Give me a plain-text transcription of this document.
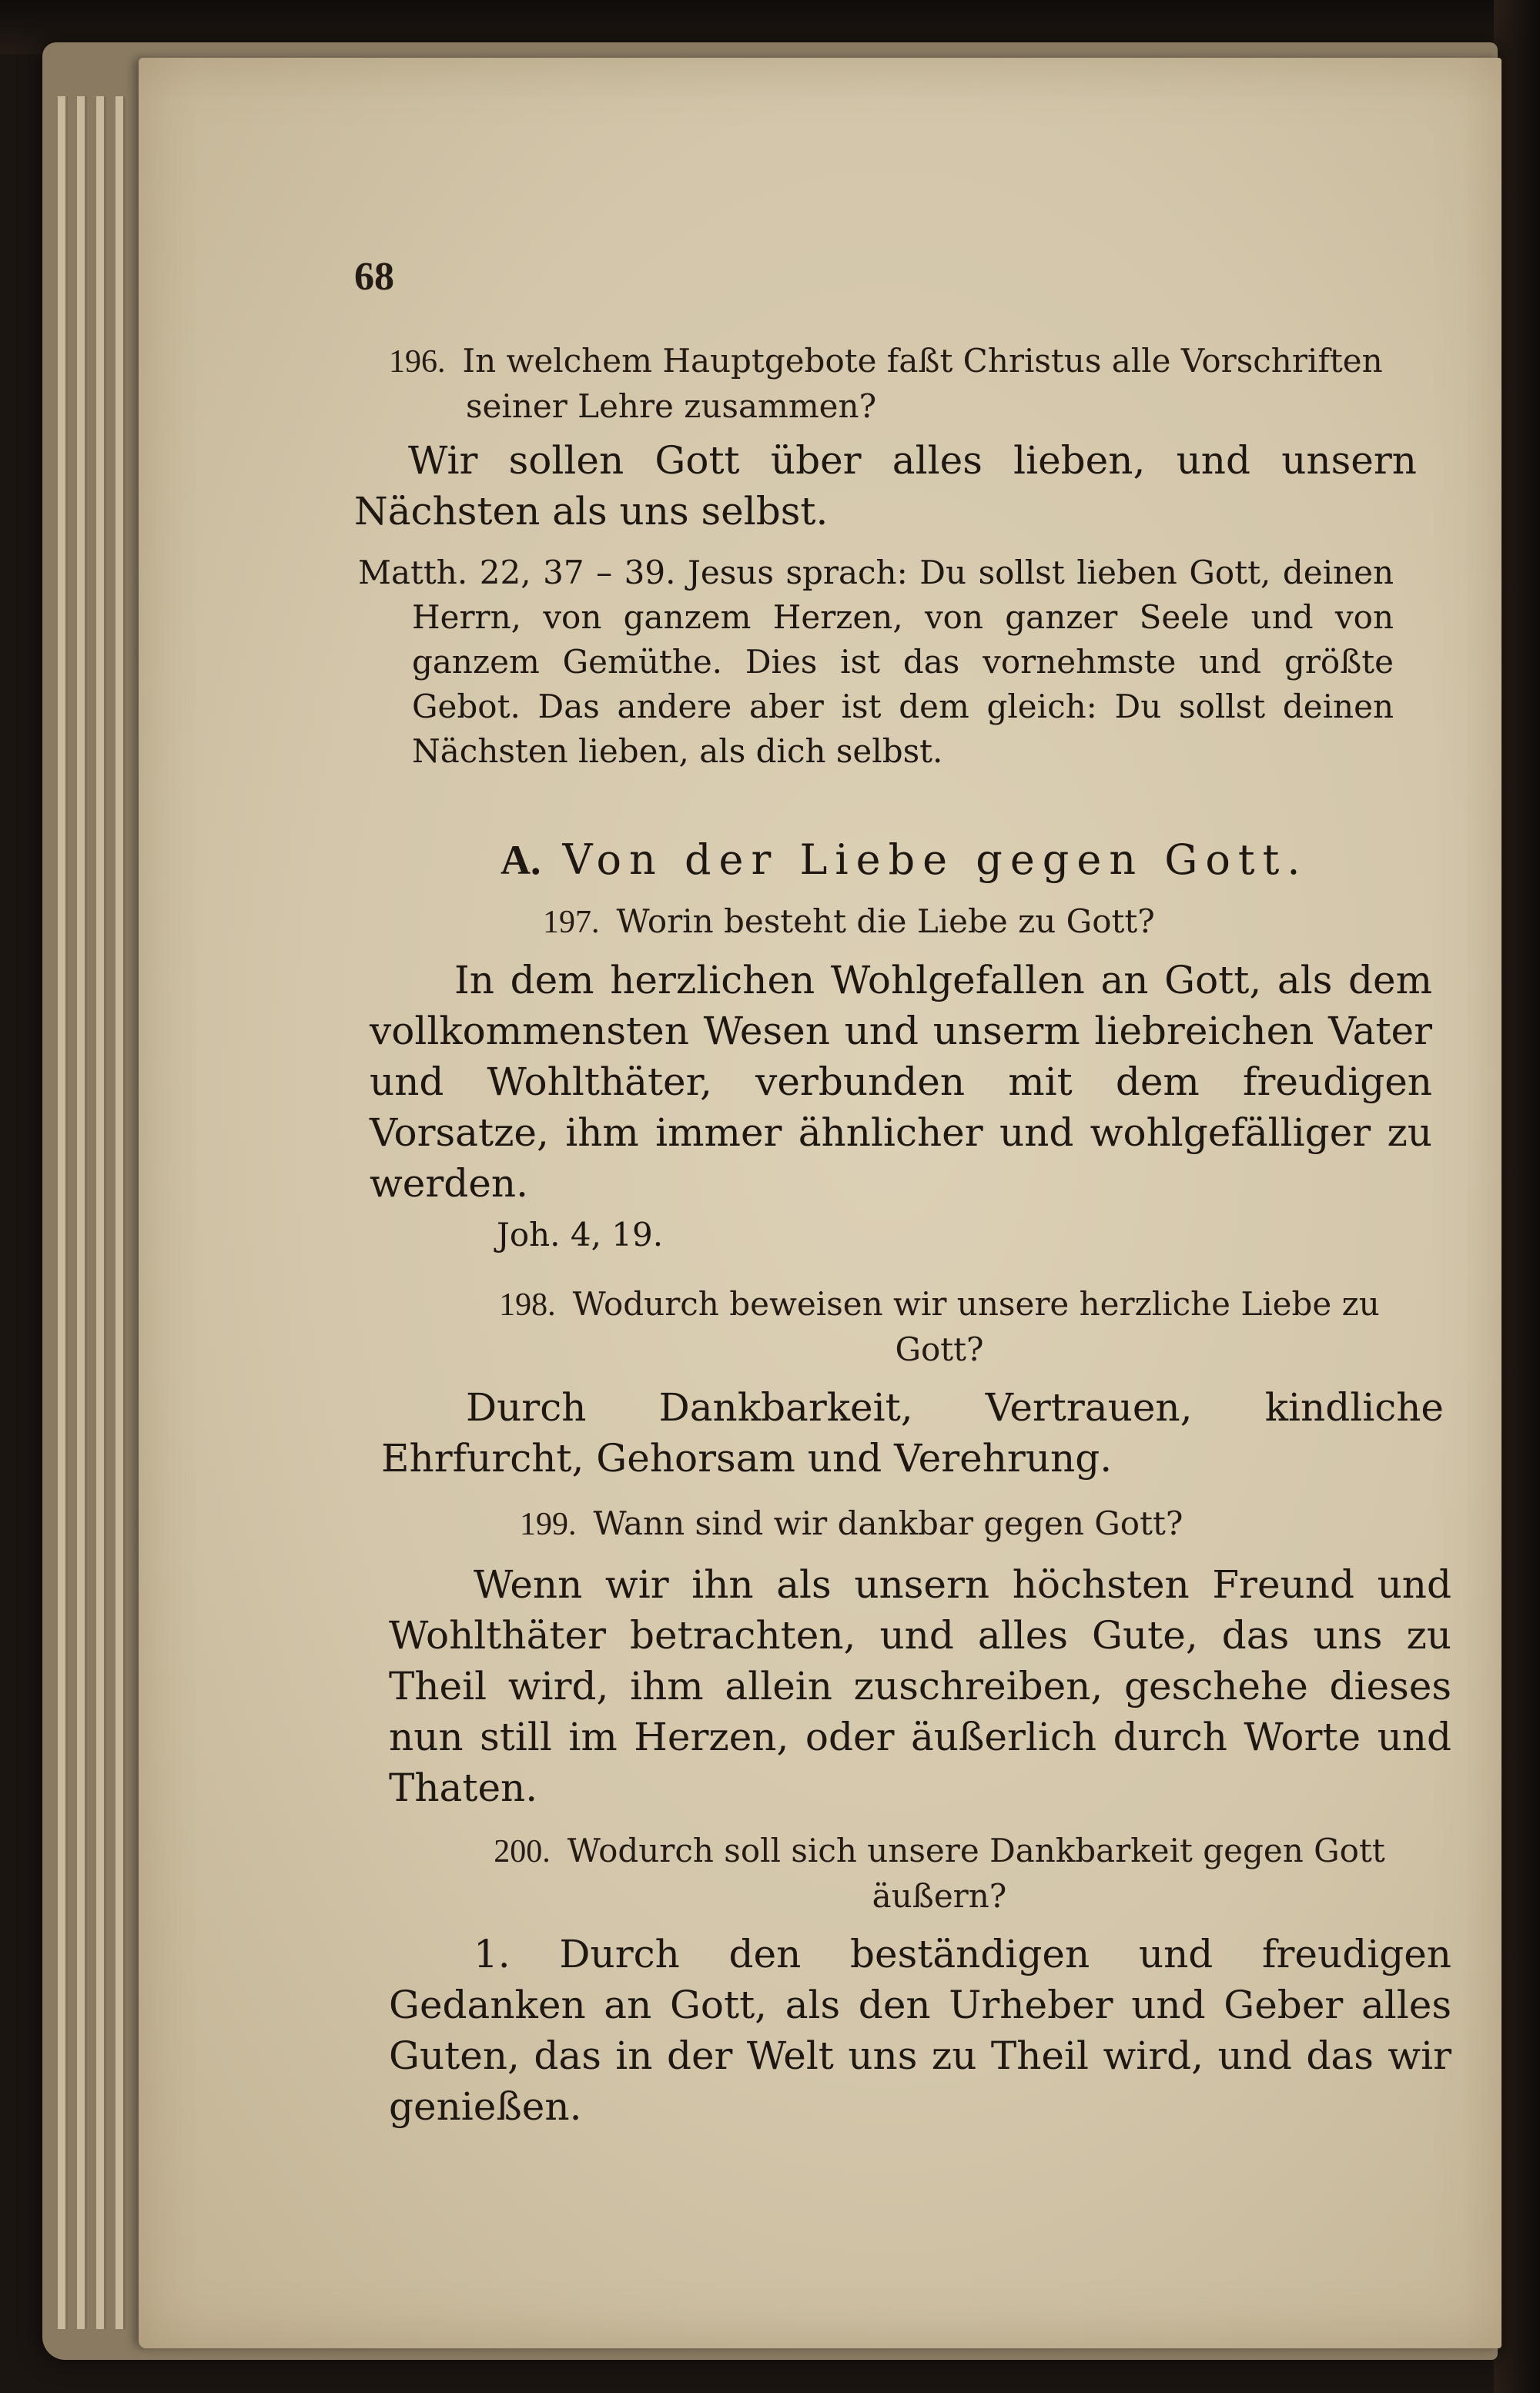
68
196. In welchem Hauptgebote faßt Christus alle Vorschriften seiner Lehre zusammen?
Wir sollen Gott über alles lieben, und unsern Nächsten als uns selbst.
Matth. 22, 37 – 39. Jesus sprach: Du sollst lieben Gott, deinen Herrn, von ganzem Herzen, von ganzer Seele und von ganzem Gemüthe. Dies ist das vornehmste und größte Gebot. Das andere aber ist dem gleich: Du sollst deinen Nächsten lieben, als dich selbst.
A. Von der Liebe gegen Gott.
197. Worin besteht die Liebe zu Gott?
In dem herzlichen Wohlgefallen an Gott, als dem vollkommensten Wesen und unserm liebreichen Vater und Wohlthäter, verbunden mit dem freudigen Vorsatze, ihm immer ähnlicher und wohlgefälliger zu werden.
Joh. 4, 19.
198. Wodurch beweisen wir unsere herzliche Liebe zu Gott?
Durch Dankbarkeit, Vertrauen, kindliche Ehrfurcht, Gehorsam und Verehrung.
199. Wann sind wir dankbar gegen Gott?
Wenn wir ihn als unsern höchsten Freund und Wohlthäter betrachten, und alles Gute, das uns zu Theil wird, ihm allein zuschreiben, geschehe dieses nun still im Herzen, oder äußerlich durch Worte und Thaten.
200. Wodurch soll sich unsere Dankbarkeit gegen Gott äußern?
1. Durch den beständigen und freudigen Gedanken an Gott, als den Urheber und Geber alles Guten, das in der Welt uns zu Theil wird, und das wir genießen.
